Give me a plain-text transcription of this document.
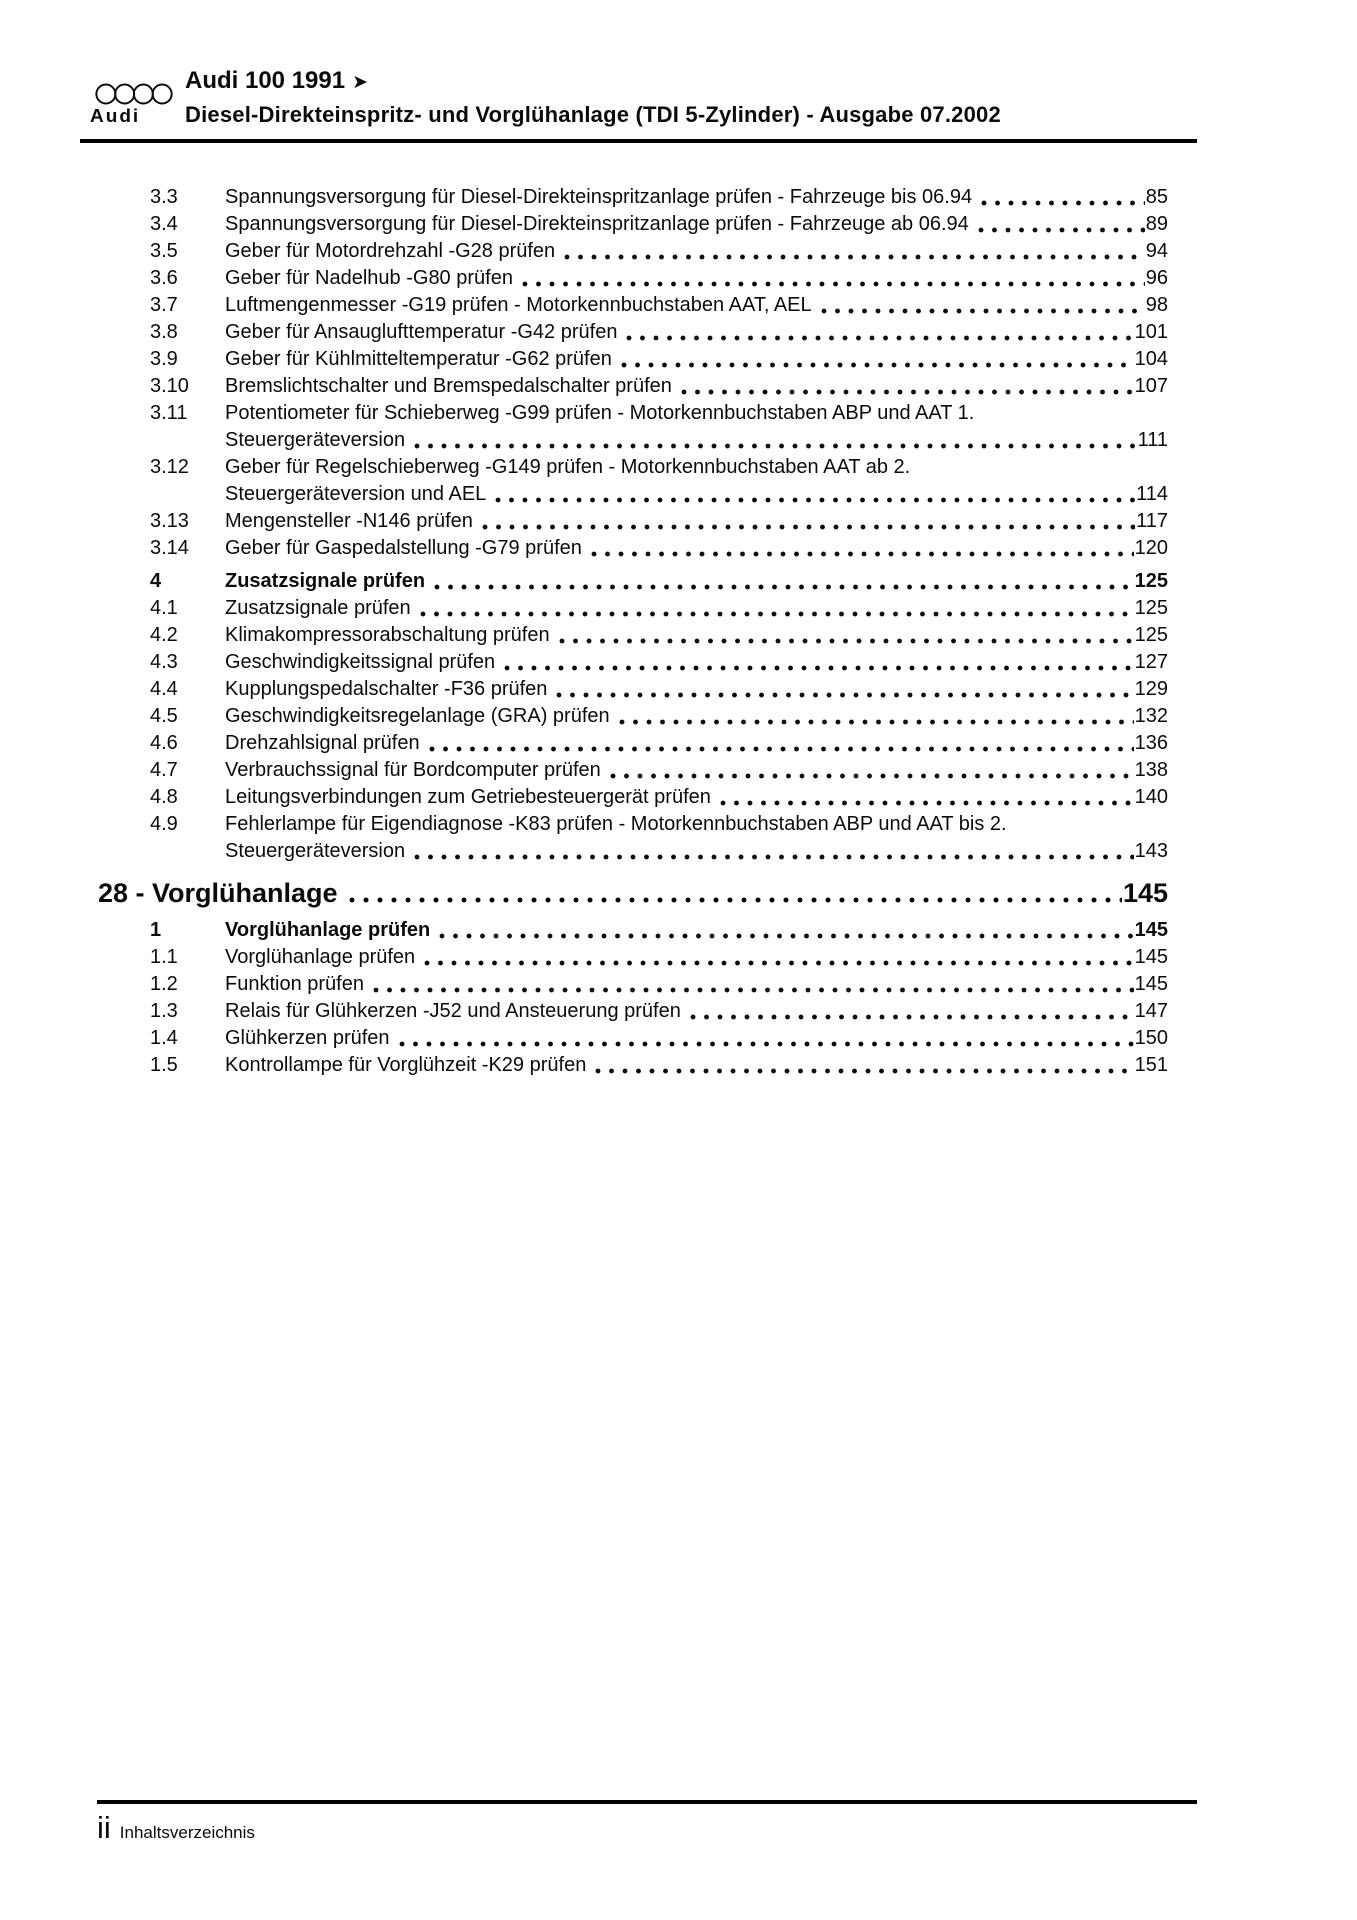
Audi
Audi 100 1991 ➤
Diesel-Direkteinspritz- und Vorglühanlage (TDI 5-Zylinder) - Ausgabe 07.2002
3.3	Spannungsversorgung für Diesel-Direkteinspritzanlage prüfen - Fahrzeuge bis 06.94	85
3.4	Spannungsversorgung für Diesel-Direkteinspritzanlage prüfen - Fahrzeuge ab 06.94	89
3.5	Geber für Motordrehzahl -G28 prüfen	94
3.6	Geber für Nadelhub -G80 prüfen	96
3.7	Luftmengenmesser -G19 prüfen - Motorkennbuchstaben AAT, AEL	98
3.8	Geber für Ansauglufttemperatur -G42 prüfen	101
3.9	Geber für Kühlmitteltemperatur -G62 prüfen	104
3.10	Bremslichtschalter und Bremspedalschalter prüfen	107
3.11	Potentiometer für Schieberweg -G99 prüfen - Motorkennbuchstaben ABP und AAT 1.
Steuergeräteversion	111
3.12	Geber für Regelschieberweg -G149 prüfen - Motorkennbuchstaben AAT ab 2.
Steuergeräteversion und AEL	114
3.13	Mengensteller -N146 prüfen	117
3.14	Geber für Gaspedalstellung -G79 prüfen	120
4	Zusatzsignale prüfen	125
4.1	Zusatzsignale prüfen	125
4.2	Klimakompressorabschaltung prüfen	125
4.3	Geschwindigkeitssignal prüfen	127
4.4	Kupplungspedalschalter -F36 prüfen	129
4.5	Geschwindigkeitsregelanlage (GRA) prüfen	132
4.6	Drehzahlsignal prüfen	136
4.7	Verbrauchssignal für Bordcomputer prüfen	138
4.8	Leitungsverbindungen zum Getriebesteuergerät prüfen	140
4.9	Fehlerlampe für Eigendiagnose -K83 prüfen - Motorkennbuchstaben ABP und AAT bis 2.
Steuergeräteversion	143
28 - Vorglühanlage	145
1	Vorglühanlage prüfen	145
1.1	Vorglühanlage prüfen	145
1.2	Funktion prüfen	145
1.3	Relais für Glühkerzen -J52 und Ansteuerung prüfen	147
1.4	Glühkerzen prüfen	150
1.5	Kontrollampe für Vorglühzeit -K29 prüfen	151
ii Inhaltsverzeichnis
